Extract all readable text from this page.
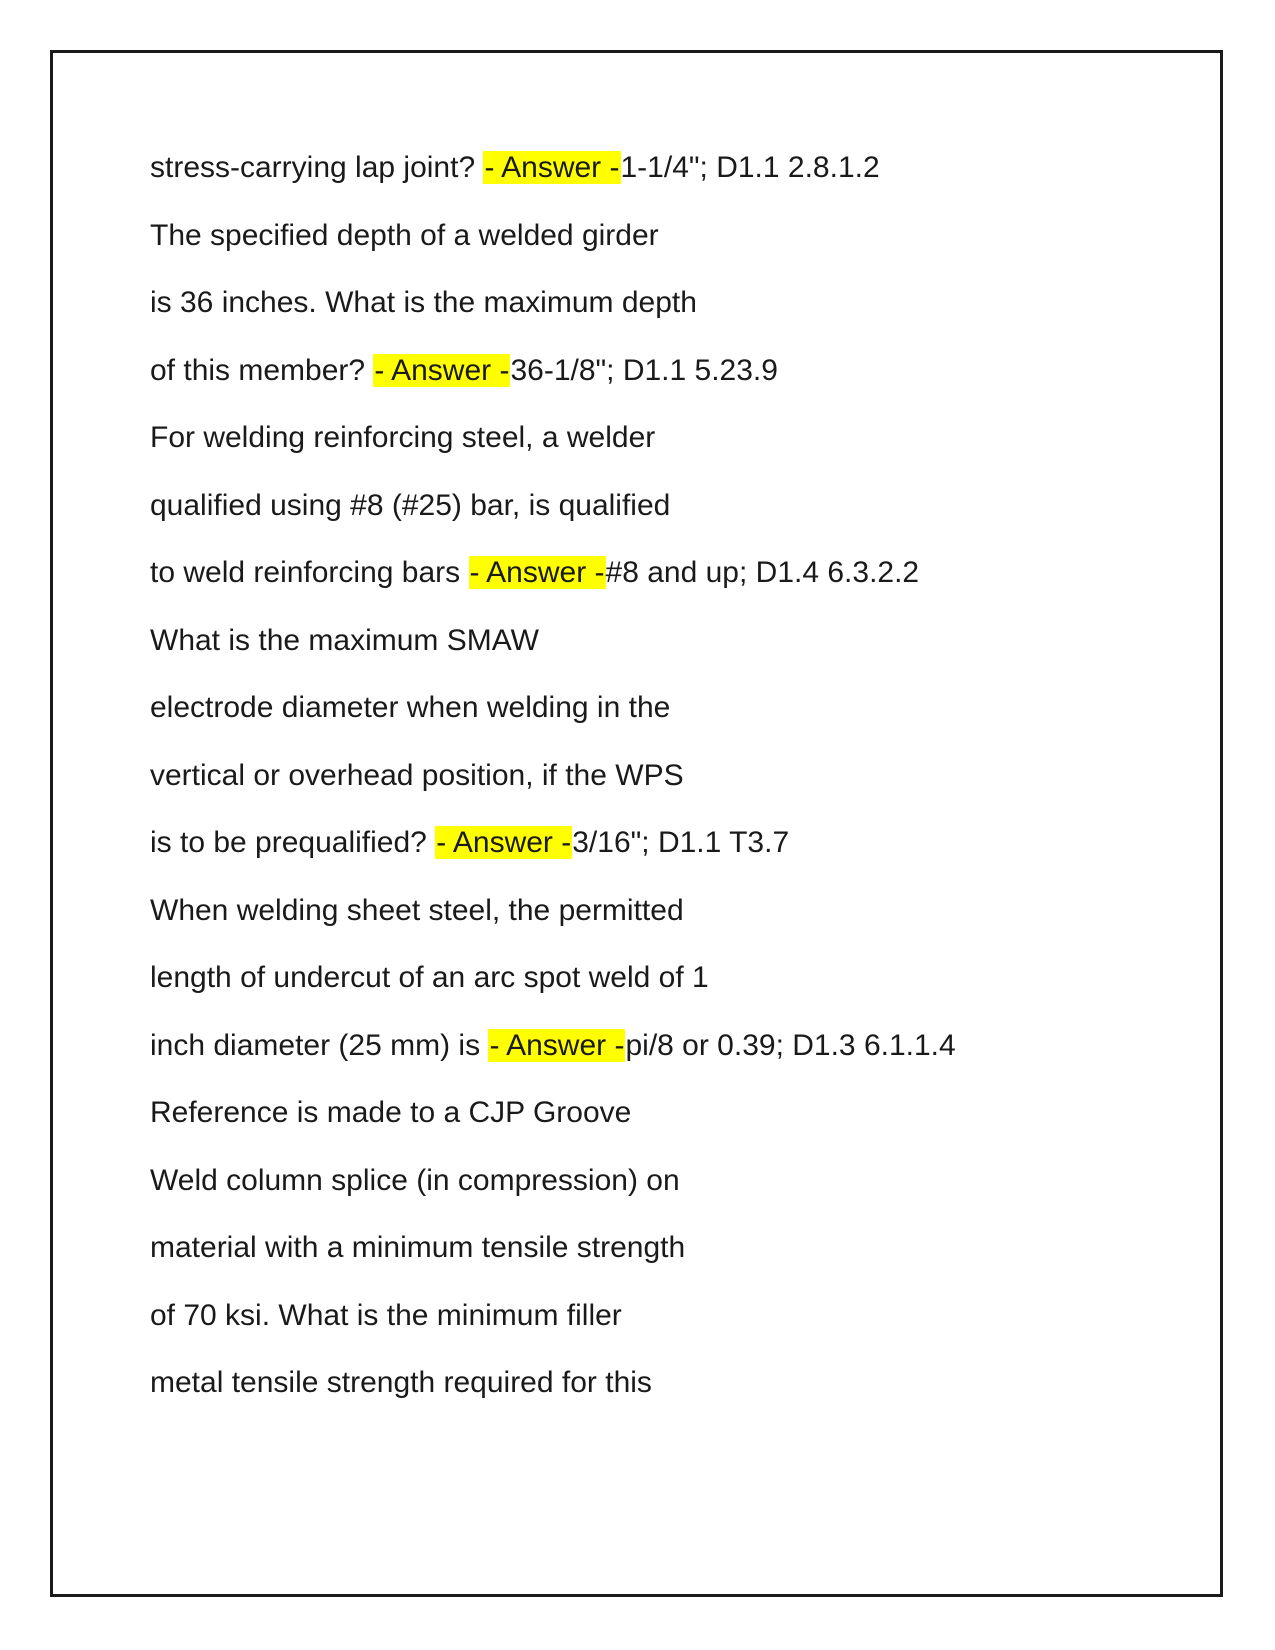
stress-carrying lap joint? - Answer -1-1/4"; D1.1 2.8.1.2
The specified depth of a welded girder
is 36 inches. What is the maximum depth
of this member? - Answer -36-1/8"; D1.1 5.23.9
For welding reinforcing steel, a welder
qualified using #8 (#25) bar, is qualified
to weld reinforcing bars - Answer -#8 and up; D1.4 6.3.2.2
What is the maximum SMAW
electrode diameter when welding in the
vertical or overhead position, if the WPS
is to be prequalified? - Answer -3/16"; D1.1 T3.7
When welding sheet steel, the permitted
length of undercut of an arc spot weld of 1
inch diameter (25 mm) is - Answer -pi/8 or 0.39; D1.3 6.1.1.4
Reference is made to a CJP Groove
Weld column splice (in compression) on
material with a minimum tensile strength
of 70 ksi. What is the minimum filler
metal tensile strength required for this
